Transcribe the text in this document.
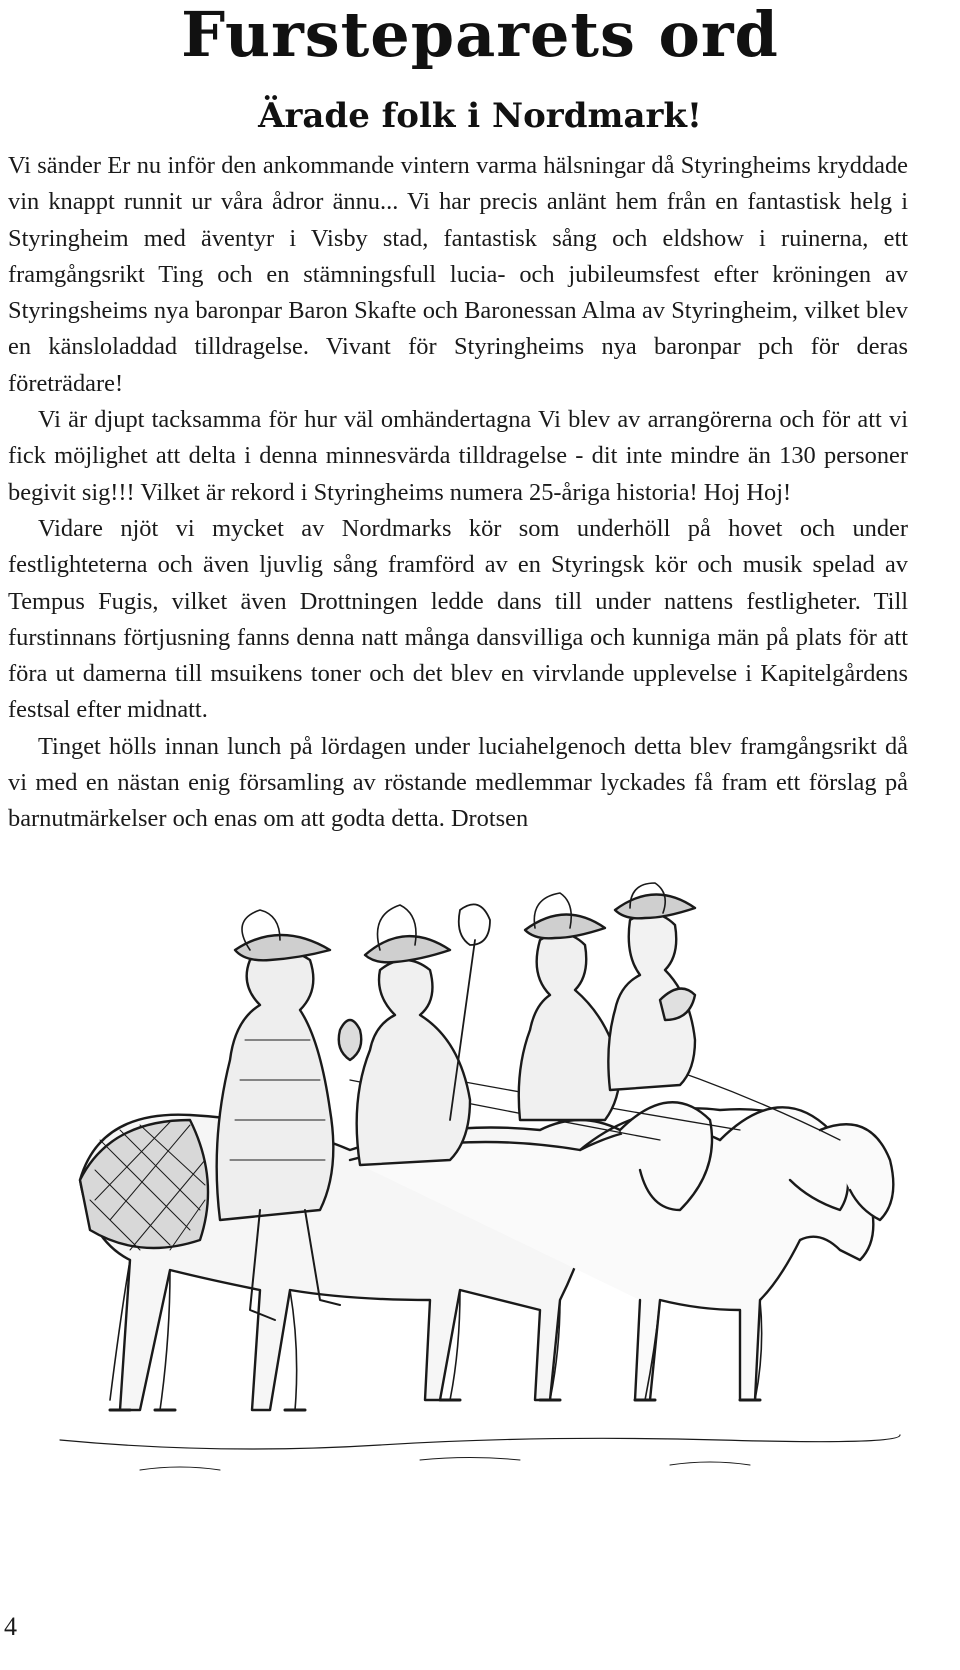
Fursteparets ord
Ärade folk i Nordmark!

Vi sänder Er nu inför den ankommande vintern varma hälsningar då Styringheims kryddade vin knappt runnit ur våra ådror ännu... Vi har precis anlänt hem från en fantastisk helg i Styringheim med äventyr i Visby stad, fantastisk sång och eldshow i ruinerna, ett framgångsrikt Ting och en stämningsfull lucia- och jubileumsfest efter kröningen av Styringsheims nya baronpar Baron Skafte och Baronessan Alma av Styringheim, vilket blev en känsloladdad tilldragelse. Vivant för Styringheims nya baronpar pch för deras företrädare!

Vi är djupt tacksamma för hur väl omhändertagna Vi blev av arrangörerna och för att vi fick möjlighet att delta i denna minnesvärda tilldragelse - dit inte mindre än 130 personer begivit sig!!! Vilket är rekord i Styringheims numera 25-åriga historia! Hoj Hoj!

Vidare njöt vi mycket av Nordmarks kör som underhöll på hovet och under festlighteterna och även ljuvlig sång framförd av en Styringsk kör och musik spelad av Tempus Fugis, vilket även Drottningen ledde dans till under nattens festligheter. Till furstinnans förtjusning fanns denna natt många dansvilliga och kunniga män på plats för att föra ut damerna till msuikens toner och det blev en virvlande upplevelse i Kapitelgårdens festsal efter midnatt.

Tinget hölls innan lunch på lördagen under luciahelgenoch detta blev framgångsrikt då vi med en nästan enig församling av röstande medlemmar lyckades få fram ett förslag på barnutmärkelser och enas om att godta detta. Drotsen

4
